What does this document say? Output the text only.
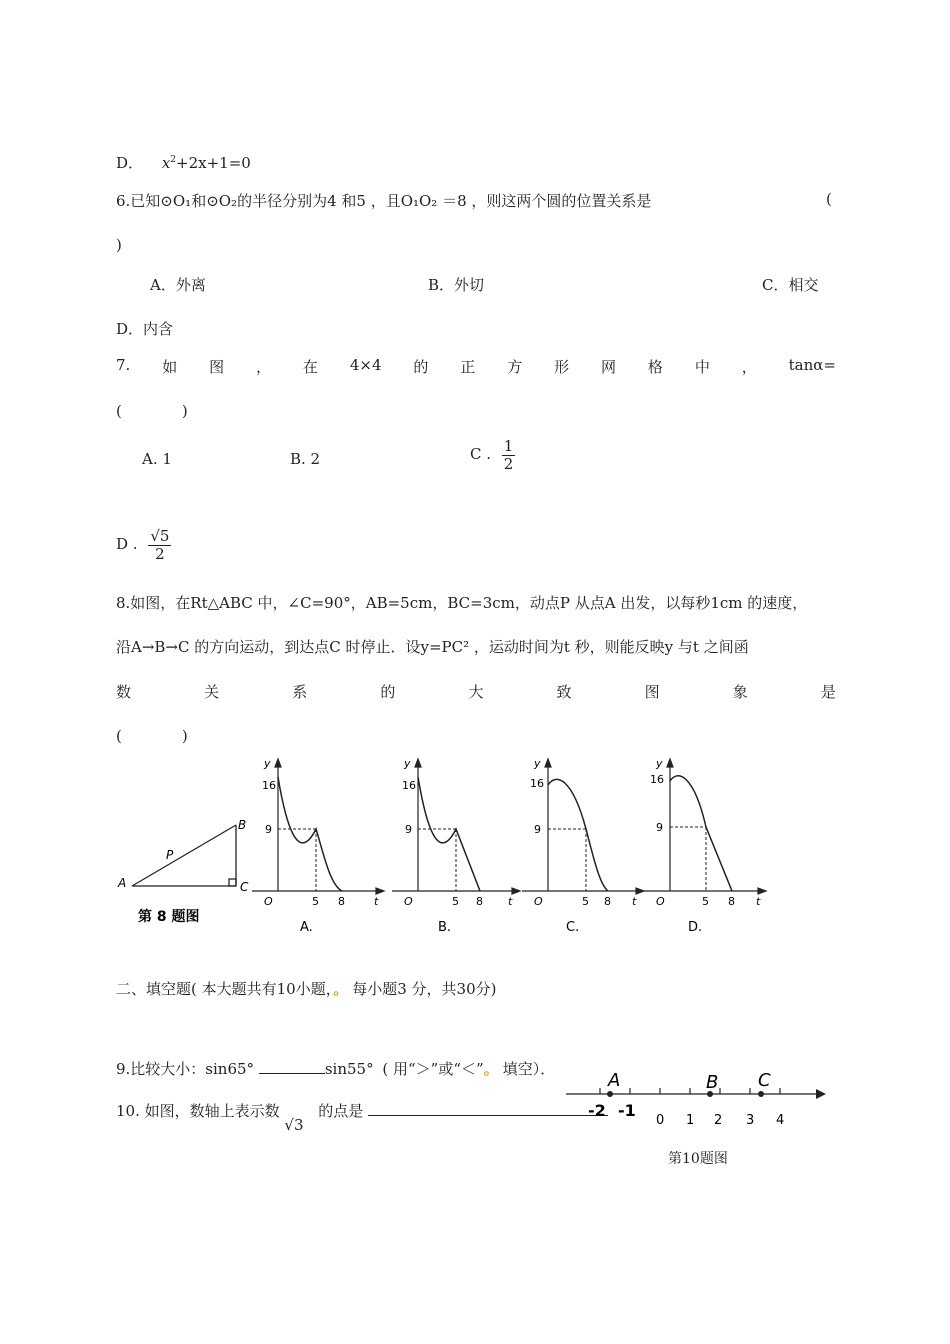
D． $x^2+2x+1=0$
6.已知⊙O₁和⊙O₂的半径分别为4 和5 ，且O₁O₂ ＝8 ，则这两个圆的位置关系是	(
)
A．外离	B．外切	C．相交
D．内含
7. 如 图 ， 在 4×4 的 正 方 形 网 格 中 ， tanα=
(　　　　)
A. 1	B. 2	C . $\frac{1}{2}$
D . $\frac{√5}{2}$
8.如图，在Rt△ABC 中，∠C=90°，AB=5cm，BC=3cm，动点P 从点A 出发，以每秒1cm 的速度，
沿A→B→C 的方向运动，到达点C 时停止．设y=PC² ，运动时间为t 秒，则能反映y 与t 之间函
数	关	系	的	大	致	图	象	是
(　　　　)
A
B
C
P
第 8 题图
y
16
9
O	5 8	t
A.
y
16
9
O	5 8 t
B.
y
16
9
O	5 8 t
C.
y
16
9
O	5 8 t
D.
二、填空题( 本大题共有10小题，。 每小题3 分，共30分)
9.比较大小：sin65°	sin55° ( 用“＞”或“＜”。 填空）．
10. 如图，数轴上表示数 √3 的点是
A	B C
-2 -1
0 1 2 3 4
第10题图
